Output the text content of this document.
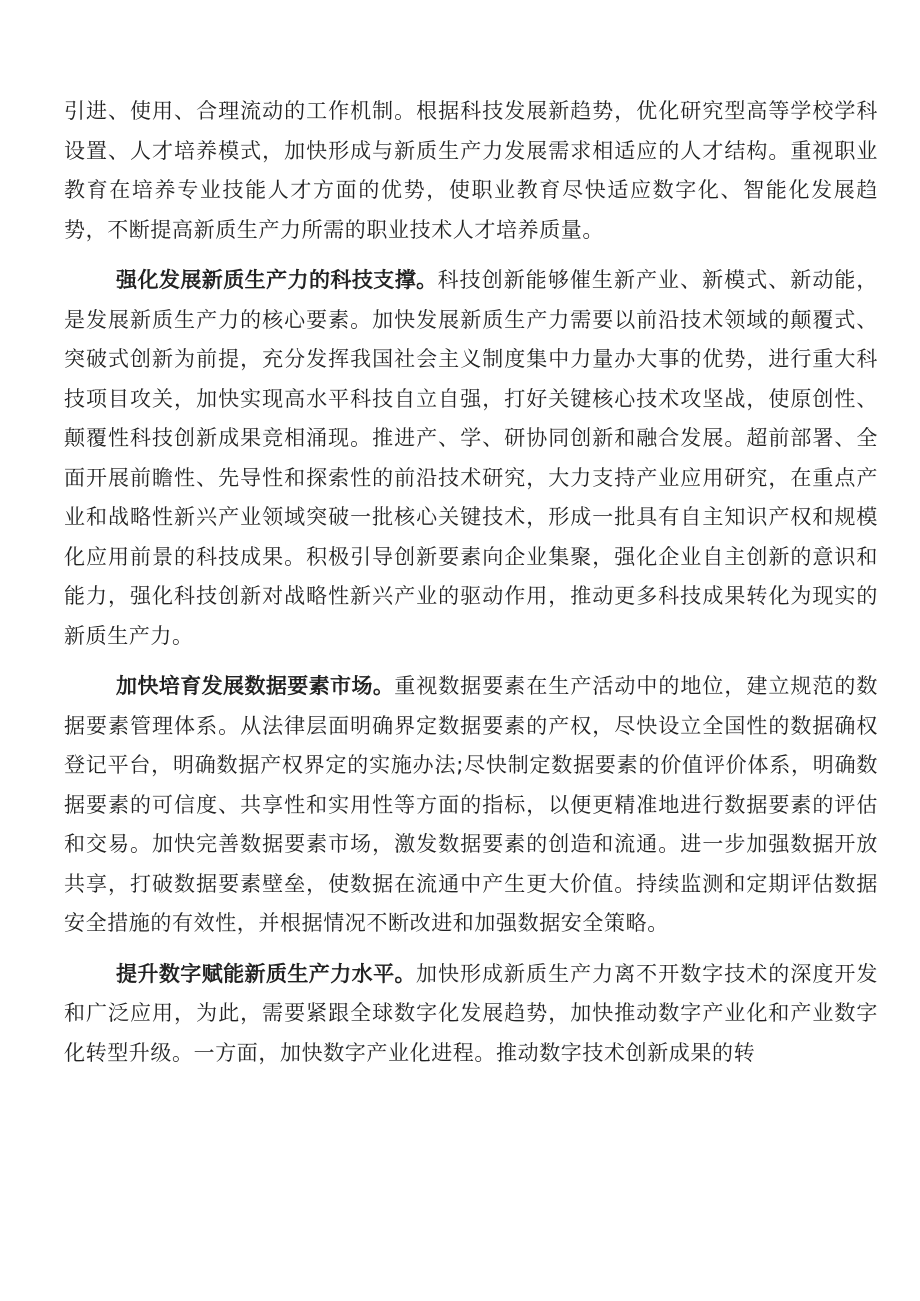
引进、使用、合理流动的工作机制。根据科技发展新趋势，优化研究型高等学校学科设置、人才培养模式，加快形成与新质生产力发展需求相适应的人才结构。重视职业教育在培养专业技能人才方面的优势，使职业教育尽快适应数字化、智能化发展趋势，不断提高新质生产力所需的职业技术人才培养质量。

强化发展新质生产力的科技支撑。科技创新能够催生新产业、新模式、新动能，是发展新质生产力的核心要素。加快发展新质生产力需要以前沿技术领域的颠覆式、突破式创新为前提，充分发挥我国社会主义制度集中力量办大事的优势，进行重大科技项目攻关，加快实现高水平科技自立自强，打好关键核心技术攻坚战，使原创性、颠覆性科技创新成果竞相涌现。推进产、学、研协同创新和融合发展。超前部署、全面开展前瞻性、先导性和探索性的前沿技术研究，大力支持产业应用研究，在重点产业和战略性新兴产业领域突破一批核心关键技术，形成一批具有自主知识产权和规模化应用前景的科技成果。积极引导创新要素向企业集聚，强化企业自主创新的意识和能力，强化科技创新对战略性新兴产业的驱动作用，推动更多科技成果转化为现实的新质生产力。

加快培育发展数据要素市场。重视数据要素在生产活动中的地位，建立规范的数据要素管理体系。从法律层面明确界定数据要素的产权，尽快设立全国性的数据确权登记平台，明确数据产权界定的实施办法;尽快制定数据要素的价值评价体系，明确数据要素的可信度、共享性和实用性等方面的指标，以便更精准地进行数据要素的评估和交易。加快完善数据要素市场，激发数据要素的创造和流通。进一步加强数据开放共享，打破数据要素壁垒，使数据在流通中产生更大价值。持续监测和定期评估数据安全措施的有效性，并根据情况不断改进和加强数据安全策略。

提升数字赋能新质生产力水平。加快形成新质生产力离不开数字技术的深度开发和广泛应用，为此，需要紧跟全球数字化发展趋势，加快推动数字产业化和产业数字化转型升级。一方面，加快数字产业化进程。推动数字技术创新成果的转
